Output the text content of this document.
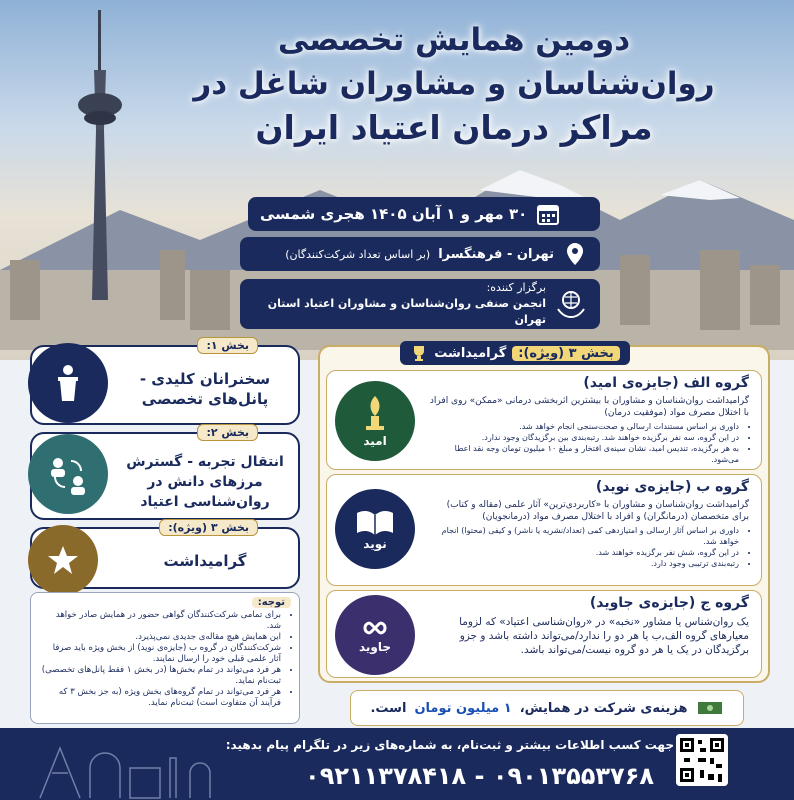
دومین همایش تخصصی
روان‌شناسان و مشاوران شاغل در
مراکز درمان اعتیاد ایران
۳۰ مهر و ۱ آبان ۱۴۰۵ هجری شمسی
تهران - فرهنگسرا
(بر اساس تعداد شرکت‌کنندگان)
برگزار کننده:
انجمن صنفی روان‌شناسان و مشاوران اعتیاد استان تهران
بخش ۱:
سخنرانان کلیدی - پانل‌های تخصصی
بخش ۲:
انتقال تجربه - گسترش مرزهای دانش در روان‌شناسی اعتیاد
بخش ۳ (ویژه):
گرامیداشت
توجه:
• برای تمامی شرکت‌کنندگان گواهی حضور در همایش صادر خواهد شد.
• این همایش هیچ مقاله‌ی جدیدی نمی‌پذیرد.
• شرکت‌کنندگان در گروه ب (جایزه‌ی نوید) از بخش ویژه باید صرفا آثار علمی قبلی خود را ارسال نمایند.
• هر فرد می‌تواند در تمام بخش‌ها (در بخش ۱ فقط پانل‌های تخصصی) ثبت‌نام نماید.
• هر فرد می‌تواند در تمام گروه‌های بخش ویژه (به جز بخش ۳ که فرآیند آن متفاوت است) ثبت‌نام نماید.
بخش ۳ (ویژه):
گرامیداشت
امید
گروه الف (جایزه‌ی امید)
گرامیداشت روان‌شناسان و مشاوران با بیشترین اثربخشی درمانی «ممکن» روی افراد با اختلال مصرف مواد (موفقیت درمان)
• داوری بر اساس مستندات ارسالی و صحت‌سنجی انجام خواهد شد.
• در این گروه، سه نفر برگزیده خواهند شد. رتبه‌بندی بین برگزیدگان وجود ندارد.
• به هر برگزیده، تندیس امید، نشان سینه‌ی افتخار و مبلغ ۱۰ میلیون تومان وجه نقد اعطا می‌شود.
نوید
گروه ب (جایزه‌ی نوید)
گرامیداشت روان‌شناسان و مشاوران با «کاربردی‌ترین» آثار علمی (مقاله و کتاب) برای متخصصان (درمانگران) و افراد با اختلال مصرف مواد (درمانجویان)
• داوری بر اساس آثار ارسالی و امتیازدهی کمی (تعداد/نشریه یا ناشر) و کیفی (محتوا) انجام خواهد شد.
• در این گروه، شش نفر برگزیده خواهند شد.
• رتبه‌بندی ترتیبی وجود دارد.
جاوید
گروه ج (جایزه‌ی جاوید)
یک روان‌شناس یا مشاور «نخبه» در «روان‌شناسی اعتیاد» که لزوما معیارهای گروه الف,ب یا هر دو را ندارد/می‌تواند داشته باشد و جزو برگزیدگان در یک یا هر دو گروه نیست/می‌تواند باشد.
هزینه‌ی شرکت در همایش،
۱ میلیون تومان
است.
جهت کسب اطلاعات بیشتر و ثبت‌نام، به شماره‌های زیر در تلگرام پیام بدهید:
۰۹۰۱۳۵۵۳۷۶۸ - ۰۹۲۱۱۳۷۸۴۱۸
